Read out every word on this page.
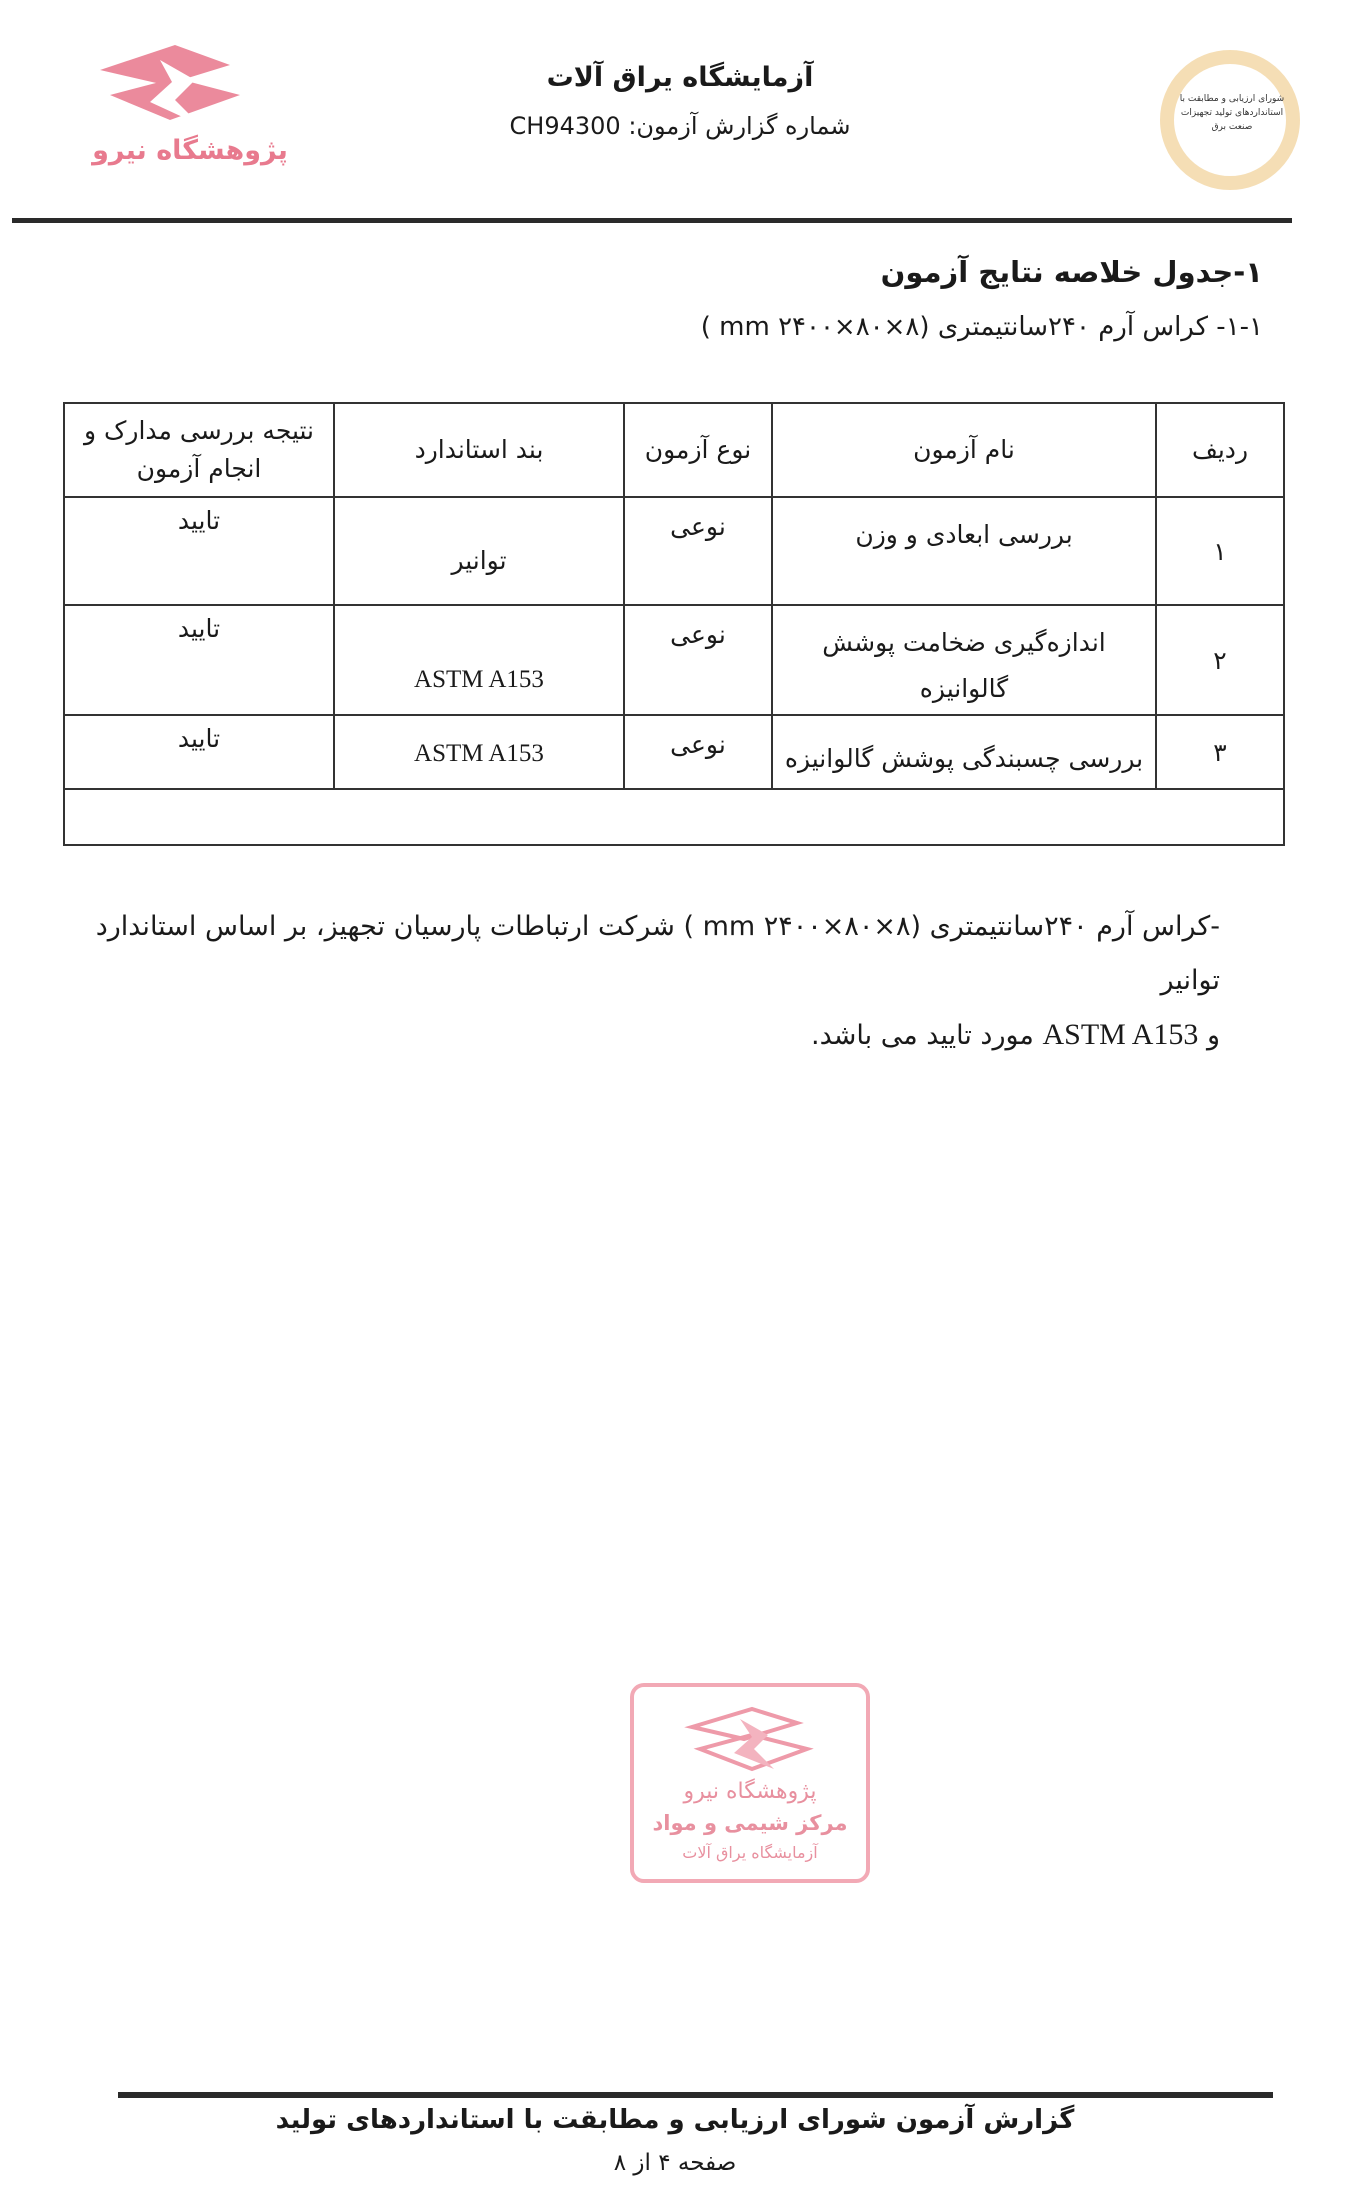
پژوهشگاه نیرو
آزمایشگاه یراق آلات
شماره گزارش آزمون: CH94300
شورای ارزیابی و مطابقت با
استانداردهای تولید تجهیزات
صنعت برق
۱-جدول خلاصه نتایج آزمون
۱-۱- کراس آرم ۲۴۰سانتیمتری (mm ۲۴۰۰×۸۰×۸ )
ردیف	نام آزمون	نوع آزمون	بند استاندارد	نتیجه بررسی مدارک و انجام آزمون
۱	بررسی ابعادی و وزن	نوعی	توانیر	تایید
۲	اندازه‌گیری ضخامت پوشش گالوانیزه	نوعی	ASTM A153	تایید
۳	بررسی چسبندگی پوشش گالوانیزه	نوعی	ASTM A153	تایید

-کراس آرم ۲۴۰سانتیمتری (mm ۲۴۰۰×۸۰×۸ ) شرکت ارتباطات پارسیان تجهیز، بر اساس استاندارد توانیر
و ASTM A153 مورد تایید می باشد.
پژوهشگاه نیرو
مرکز شیمی و مواد
آزمایشگاه یراق آلات
گزارش آزمون شورای ارزیابی و مطابقت با استانداردهای تولید
صفحه ۴ از ۸
